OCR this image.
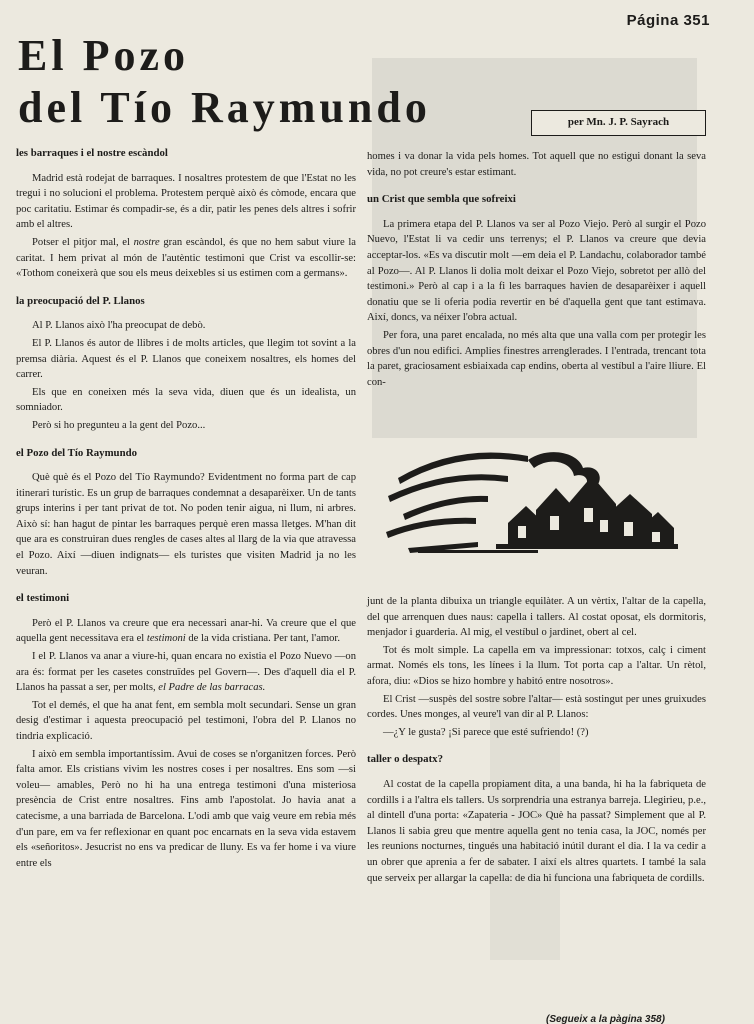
Página 351
El Pozo
del Tío Raymundo	per Mn. J. P. Sayrach
les barraques i el nostre escàndol

Madrid està rodejat de barraques. I nosaltres protestem de que l'Estat no les tregui i no solucioni el problema. Protestem perquè això és còmode, encara que poc caritatiu. Estimar és compadir-se, és a dir, patir les penes dels altres i sofrir amb el altres.

Potser el pitjor mal, el nostre gran escàndol, és que no hem sabut viure la caritat. I hem privat al món de l'autèntic testimoni que Crist va escollir-se: «Tothom coneixerà que sou els meus deixebles si us estimen com a germans».

la preocupació del P. Llanos

Al P. Llanos això l'ha preocupat de debò.

El P. Llanos és autor de llibres i de molts articles, que llegim tot sovint a la premsa diària. Aquest és el P. Llanos que coneixem nosaltres, els homes del carrer.

Els que en coneixen més la seva vida, diuen que és un idealista, un somniador.

Però si ho pregunteu a la gent del Pozo...

el Pozo del Tío Raymundo

Què què és el Pozo del Tío Raymundo? Evidentment no forma part de cap itinerari turístic. Es un grup de barraques condemnat a desaparèixer. Un de tants grups interins i per tant privat de tot. No poden tenir aigua, ni llum, ni arbres. Això sí: han hagut de pintar les barraques perquè eren massa lletges. M'han dit que ara es construiran dues rengles de cases altes al llarg de la via que atravessa el Pozo. Així —diuen indignats— els turistes que visiten Madrid ja no les veuran.

el testimoni

Però el P. Llanos va creure que era necessari anar-hi. Va creure que el que aquella gent necessitava era el testimoni de la vida cristiana. Per tant, l'amor.

I el P. Llanos va anar a viure-hi, quan encara no existia el Pozo Nuevo —on ara és: format per les casetes construïdes pel Govern—. Des d'aquell dia el P. Llanos ha passat a ser, per molts, el Padre de las barracas.

Tot el demés, el que ha anat fent, em sembla molt secundari. Sense un gran desig d'estimar i aquesta preocupació pel testimoni, l'obra del P. Llanos no tindria explicació.

I això em sembla importantíssim. Avui de coses se n'organitzen forces. Però falta amor. Els cristians vivim les nostres coses i per nosaltres. Ens som —si voleu— amables, Però no hi ha una entrega testimoni d'una misteriosa presència de Crist entre nosaltres. Fins amb l'apostolat. Jo havia anat a catecisme, a una barriada de Barcelona. L'odi amb que vaig veure em rebia més d'un pare, em va fer reflexionar en quant poc encarnats en la seva vida estavem els «señoritos». Jesucrist no ens va predicar de lluny. Es va fer home i va viure entre els

homes i va donar la vida pels homes. Tot aquell que no estigui donant la seva vida, no pot creure's estar estimant.

un Crist que sembla que sofreixi

La primera etapa del P. Llanos va ser al Pozo Viejo. Però al surgir el Pozo Nuevo, l'Estat li va cedir uns terrenys; el P. Llanos va creure que devia acceptar-los. «Es va discutir molt —em deia el P. Landachu, colaborador també al Pozo—. Al P. Llanos li dolia molt deixar el Pozo Viejo, sobretot per allò del testimoni.» Però al cap i a la fi les barraques havien de desaparèixer i aquell donatiu que se li oferia podia revertir en bé d'aquella gent que tant estimava. Així, doncs, va néixer l'obra actual.

Per fora, una paret encalada, no més alta que una valla com per protegir les obres d'un nou edifici. Amplies finestres arrenglerades. I l'entrada, trencant tota la paret, graciosament esbiaixada cap endins, oberta al vestíbul a l'aire lliure. El con-

junt de la planta dibuixa un triangle equilàter. A un vèrtix, l'altar de la capella, del que arrenquen dues naus: capella i tallers. Al costat oposat, els dormitoris, menjador i guarderia. Al mig, el vestíbul o jardinet, obert al cel.

Tot és molt simple. La capella em va impressionar: totxos, calç i ciment armat. Només els tons, les línees i la llum. Tot porta cap a l'altar. Un rètol, afora, diu: «Dios se hizo hombre y habitó entre nosotros».

El Crist —suspès del sostre sobre l'altar— està sostingut per unes gruixudes cordes. Unes monges, al veure'l van dir al P. Llanos:

—¿Y le gusta? ¡Si parece que esté sufriendo! (?)

taller o despatx?

Al costat de la capella propiament dita, a una banda, hi ha la fabriqueta de cordills i a l'altra els tallers. Us sorprendria una estranya barreja. Llegirieu, p.e., al dintell d'una porta: «Zapateria - JOC» Què ha passat? Simplement que al P. Llanos li sabia greu que mentre aquella gent no tenia casa, la JOC, només per les reunions nocturnes, tingués una habitació inútil durant el dia. I la va cedir a un obrer que aprenia a fer de sabater. I així els altres quartets. I també la sala que serveix per allargar la capella: de dia hi funciona una fabriqueta de cordills.

(Segueix a la pàgina 358)
